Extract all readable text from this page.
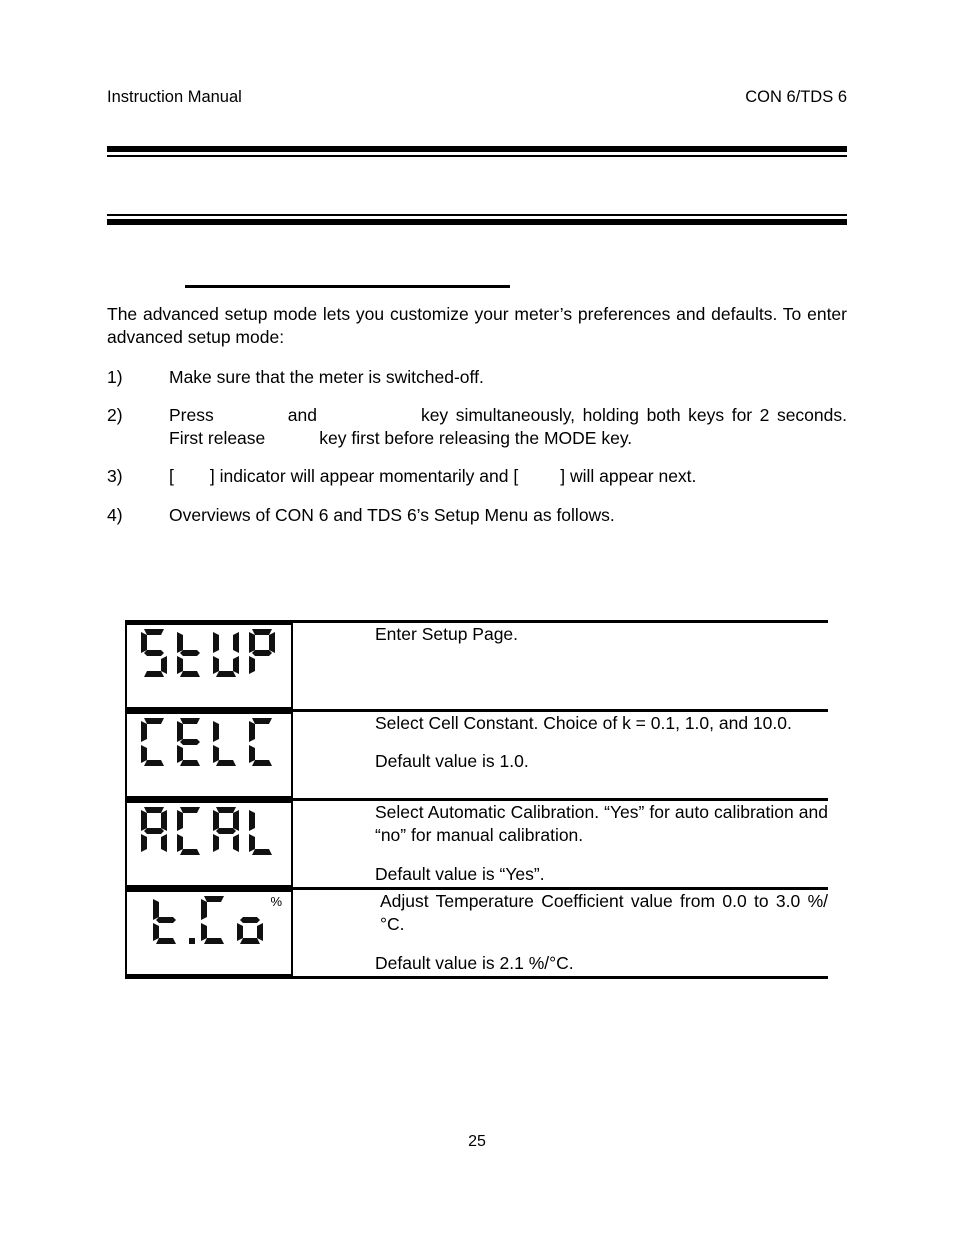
Instruction Manual	CON 6/TDS 6

The advanced setup mode lets you customize your meter’s preferences and defaults. To enter advanced setup mode:

1)	Make sure that the meter is switched-off.
2)	Press	and	key simultaneously, holding both keys for 2 seconds. First release	key first before releasing the MODE key.
3)	[ ] indicator will appear momentarily and [ ] will appear next.
4)	Overviews of CON 6 and TDS 6’s Setup Menu as follows.

Enter Setup Page.

Select Cell Constant. Choice of k = 0.1, 1.0, and 10.0.

Default value is 1.0.

Select Automatic Calibration. “Yes” for auto calibration and “no” for manual calibration.

Default value is “Yes”.

%	Adjust Temperature Coefficient value from 0.0 to 3.0 %/°C.

Default value is 2.1 %/°C.

25
